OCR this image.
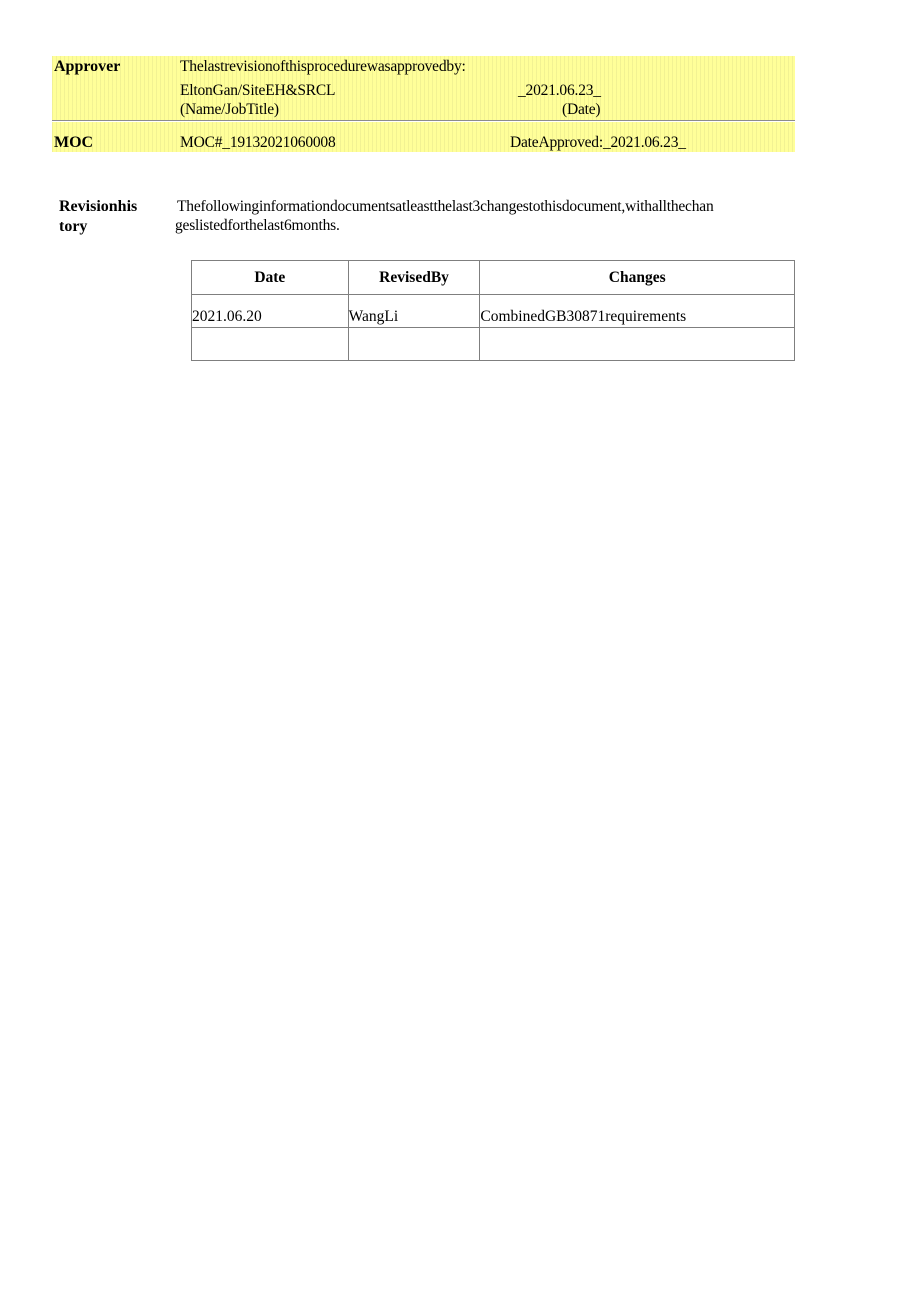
Approver	Thelastrevisionofthisprocedurewasapprovedby:
EltonGan/SiteEH&SRCL	_2021.06.23_
(Name/JobTitle)	(Date)
MOC	MOC#_19132021060008	DateApproved:_2021.06.23_
Revisionhis
tory
Thefollowinginformationdocumentsatleastthelast3changestothisdocument,withallthechan
geslistedforthelast6months.
Date	RevisedBy	Changes
2021.06.20	WangLi	CombinedGB30871requirements
